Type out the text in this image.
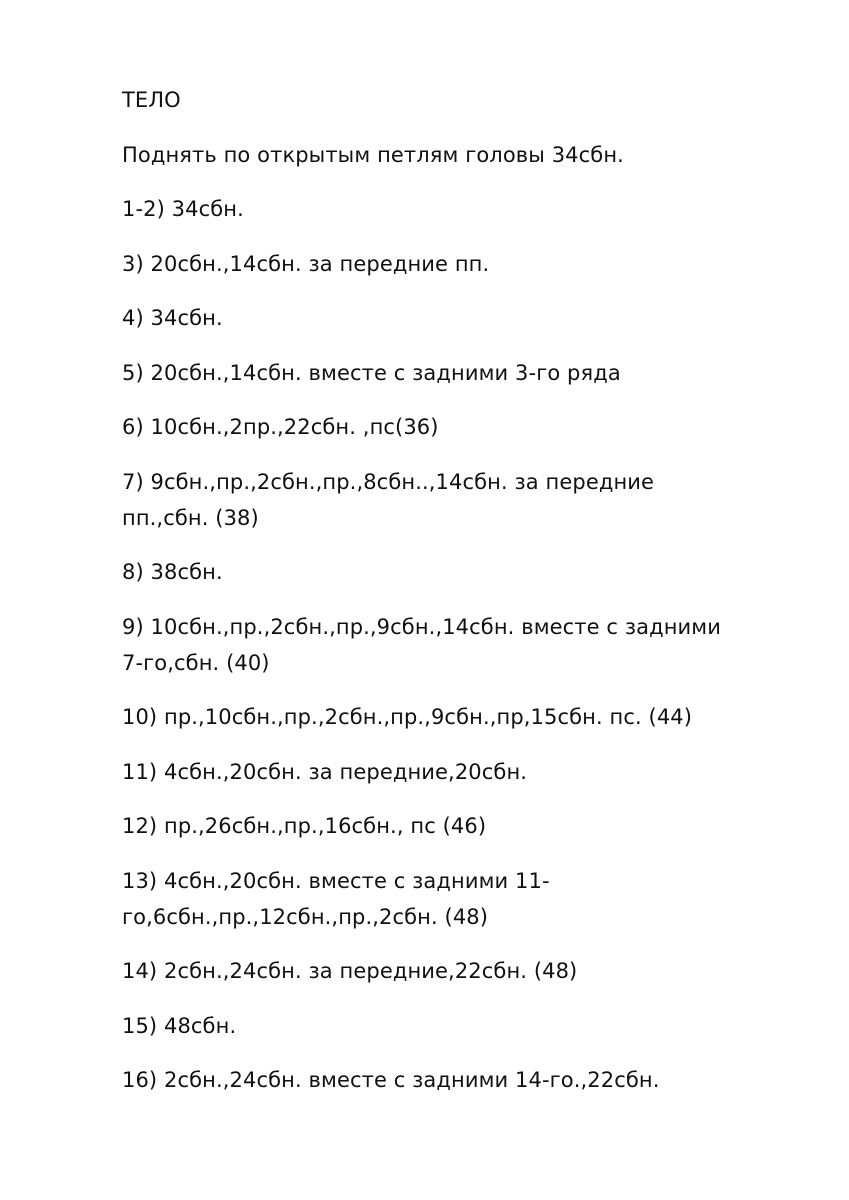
ТЕЛО
Поднять по открытым петлям головы 34сбн.
1-2) 34сбн.
3) 20сбн.,14сбн. за передние пп.
4) 34сбн.
5) 20сбн.,14сбн. вместе с задними 3-го ряда
6) 10сбн.,2пр.,22сбн. ,пс(36)
7) 9сбн.,пр.,2сбн.,пр.,8сбн..,14сбн. за передние
пп.,сбн. (38)
8) 38сбн.
9) 10сбн.,пр.,2сбн.,пр.,9сбн.,14сбн. вместе с задними
7-го,сбн. (40)
10) пр.,10сбн.,пр.,2сбн.,пр.,9сбн.,пр,15сбн. пс. (44)
11) 4сбн.,20сбн. за передние,20сбн.
12) пр.,26сбн.,пр.,16сбн., пс (46)
13) 4сбн.,20сбн. вместе с задними 11-
го,6сбн.,пр.,12сбн.,пр.,2сбн. (48)
14) 2сбн.,24сбн. за передние,22сбн. (48)
15) 48сбн.
16) 2сбн.,24сбн. вместе с задними 14-го.,22сбн.
